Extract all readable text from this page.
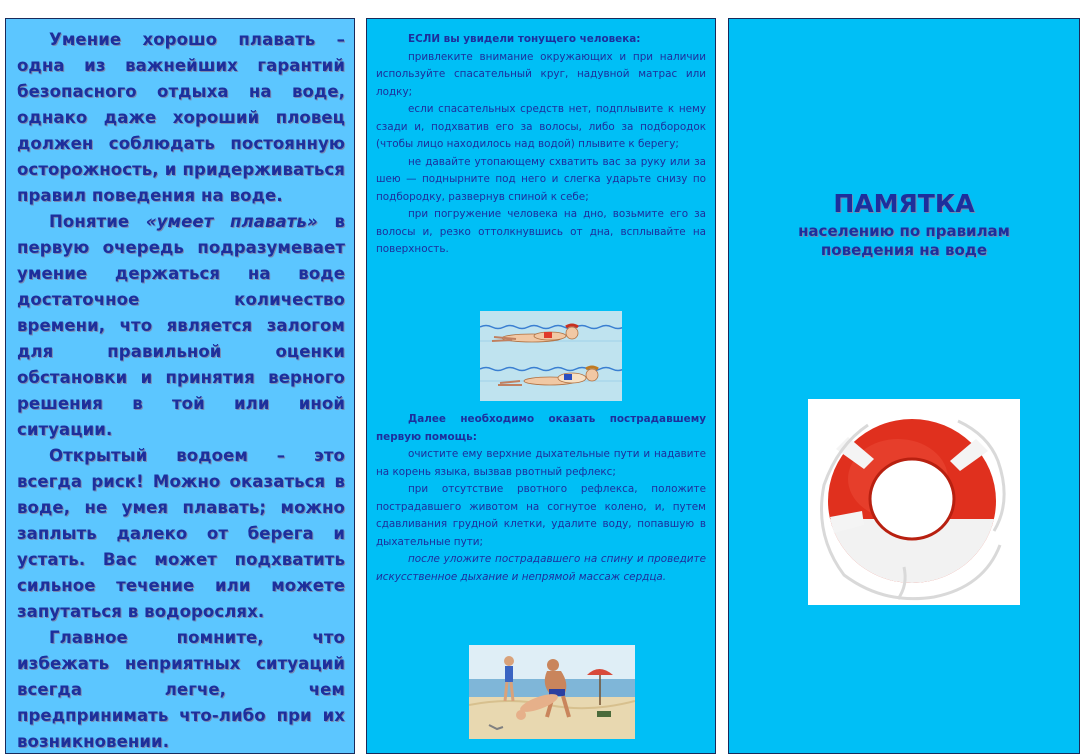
Умение хорошо плавать – одна из важнейших гарантий безопасного отдыха на воде, однако даже хороший пловец должен соблюдать постоянную осторожность, и придерживаться правил поведения на воде.

Понятие «умеет плавать» в первую очередь подразумевает умение держаться на воде достаточное количество времени, что является залогом для правильной оценки обстановки и принятия верного решения в той или иной ситуации.

Открытый водоем – это всегда риск! Можно оказаться в воде, не умея плавать; можно заплыть далеко от берега и устать. Вас может подхватить сильное течение или можете запутаться в водорослях.

Главное помните, что избежать неприятных ситуаций всегда легче, чем предпринимать что-либо при их возникновении.

ЕСЛИ вы увидели тонущего человека:

привлеките внимание окружающих и при наличии используйте спасательный круг, надувной матрас или лодку;

если спасательных средств нет, подплывите к нему сзади и, подхватив его за волосы, либо за подбородок (чтобы лицо находилось над водой) плывите к берегу;

не давайте утопающему схватить вас за руку или за шею — поднырните под него и слегка ударьте снизу по подбородку, развернув спиной к себе;

при погружение человека на дно, возьмите его за волосы и, резко оттолкнувшись от дна, всплывайте на поверхность.

Далее необходимо оказать пострадавшему первую помощь:

очистите ему верхние дыхательные пути и надавите на корень языка, вызвав рвотный рефлекс;

при отсутствие рвотного рефлекса, положите пострадавшего животом на согнутое колено, и, путем сдавливания грудной клетки, удалите воду, попавшую в дыхательные пути;

после уложите пострадавшего на спину и проведите искусственное дыхание и непрямой массаж сердца.

ПАМЯТКА
населению по правилам
поведения на воде
